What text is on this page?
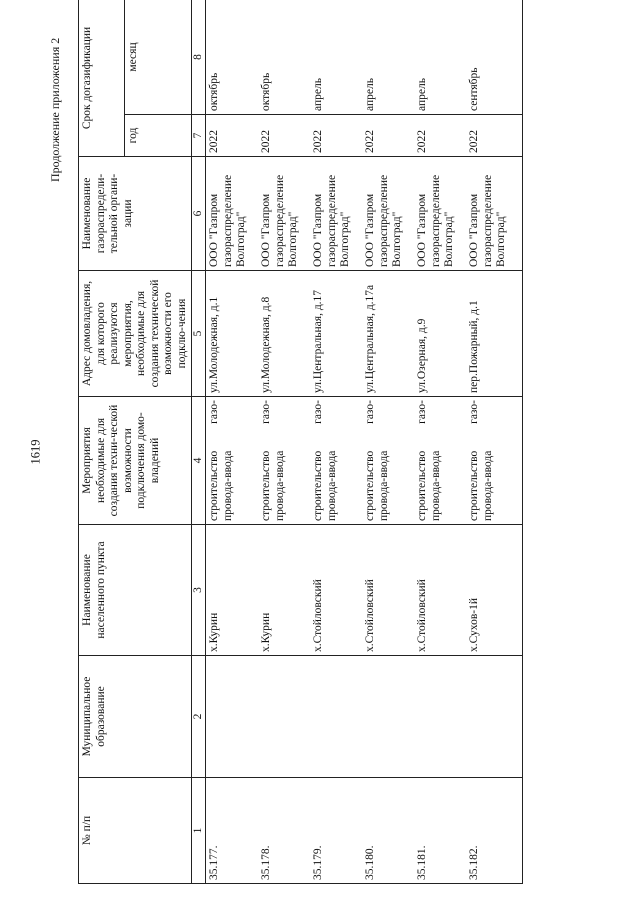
1619
Продолжение приложения 2
№ п/п	Муниципальное образование	Наименование населенного пункта	Мероприятия необходимые для создания техни-ческой возможности подключения домо-владений	Адрес домовладения, для которого реализуются мероприятия, необходимые для создания технической возможности его подклю-чения	Наименование газораспредели-тельной органи-зации	Срок догазификации	
						год	месяц
1	2	3	4	5	6	7	8
35.177.		х.Курин	строительство газо-провода-ввода	ул.Молодежная, д.1	ООО "Газпром газораспределение Волгоград"	2022	октябрь
35.178.		х.Курин	строительство газо-провода-ввода	ул.Молодежная, д.8	ООО "Газпром газораспределение Волгоград"	2022	октябрь
35.179.		х.Стойловский	строительство газо-провода-ввода	ул.Центральная, д.17	ООО "Газпром газораспределение Волгоград"	2022	апрель
35.180.		х.Стойловский	строительство газо-провода-ввода	ул.Центральная, д.17а	ООО "Газпром газораспределение Волгоград"	2022	апрель
35.181.		х.Стойловский	строительство газо-провода-ввода	ул.Озерная, д.9	ООО "Газпром газораспределение Волгоград"	2022	апрель
35.182.		х.Сухов-1й	строительство газо-провода-ввода	пер.Пожарный, д.1	ООО "Газпром газораспределение Волгоград"	2022	сентябрь
